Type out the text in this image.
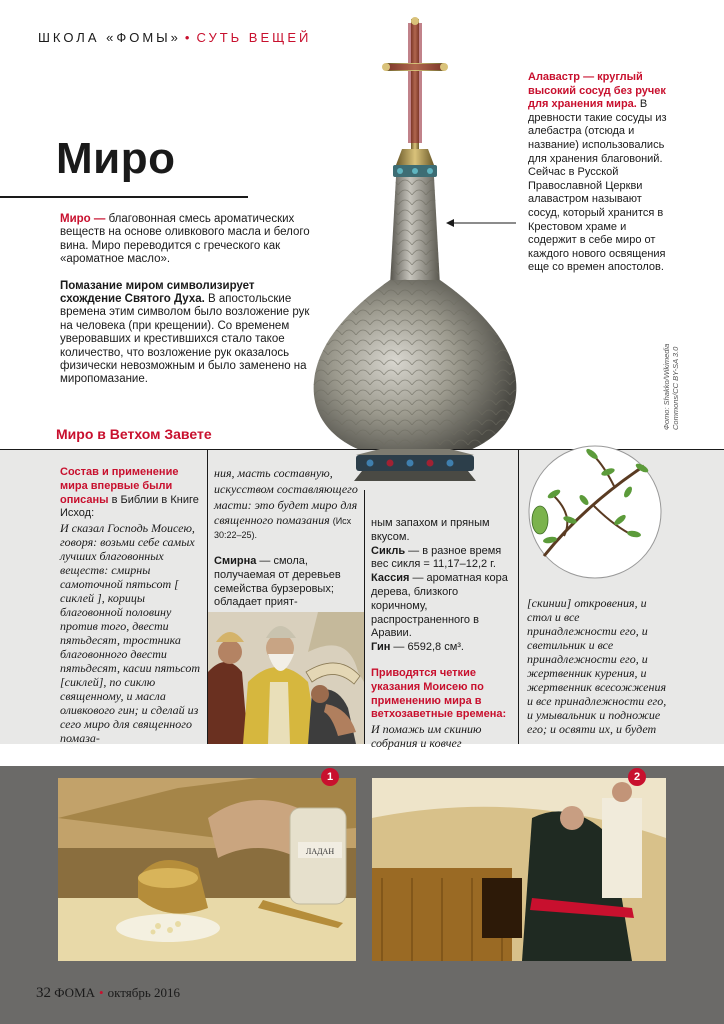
ШКОЛА «ФОМЫ» • СУТЬ ВЕЩЕЙ
Миро

Миро — благовонная смесь ароматических веществ на основе оливкового масла и белого вина. Миро переводится с греческого как «ароматное масло».

Помазание миром символизирует схождение Святого Духа. В апостольские времена этим символом было возложение рук на человека (при крещении). Со временем уверовавших и крестившихся стало такое количество, что возложение рук оказалось физически невозможным и было заменено на миропомазание.

Алавастр — круглый высокий сосуд без ручек для хранения мира. В древности такие сосуды из алебастра (отсюда и название) использовались для хранения благовоний. Сейчас в Русской Православной Церкви алавастром называют сосуд, который хранится в Крестовом храме и содержит в себе миро от каждого нового освящения еще со времен апостолов.
Фото: Shakko/Wikimedia Commons/CC BY-SA 3.0
Миро в Ветхом Завете
Состав и применение мира впервые были описаны в Библии в Книге Исход:
И сказал Господь Моисею, говоря: возьми себе самых лучших благовонных веществ: смирны самоточной пятьсот [ сиклей ], корицы благовонной половину против того, двести пятьдесят, тростника благовонного двести пятьдесят, касии пятьсот [сиклей], по сиклю священному, и масла оливкового гин; и сделай из сего миро для священного помаза-
ния, масть составную, искусством составляющего масти: это будет миро для священного помазания (Исх 30:22–25).
Смирна — смола, получаемая от деревьев семейства бурзеровых; обладает прият-
ным запахом и пряным вкусом.
Сикль — в разное время вес сикля = 11,17–12,2 г.
Кассия — ароматная кора дерева, близкого коричному, распространенного в Аравии.
Гин — 6592,8 см³.
Приводятся четкие указания Моисею по применению мира в ветхозаветные времена:
И помажь им скинию собрания и ковчег
[скинии] откровения, и стол и все принадлежности его, и светильник и все принадлежности его, и жертвенник курения, и жертвенник всесожжения и все принадлежности его, и умывальник и подножие его; и освяти их, и будет
ЛАДАН
1	2
32 ФОМА • октябрь 2016
